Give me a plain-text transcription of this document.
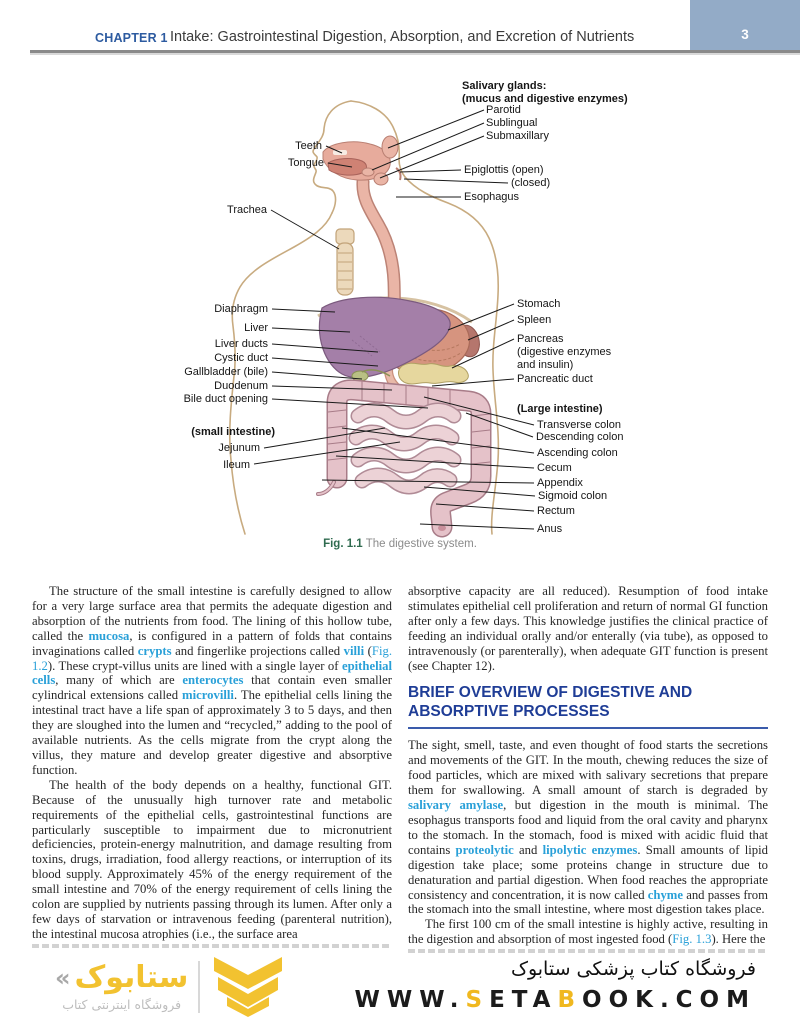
CHAPTER 1 Intake: Gastrointestinal Digestion, Absorption, and Excretion of Nutrients	3
Salivary glands:
(mucus and digestive enzymes)
Parotid
Sublingual
Submaxillary
Teeth
Tongue
Epiglottis (open)
(closed)
Esophagus
Trachea
Diaphragm
Liver
Liver ducts
Cystic duct
Gallbladder (bile)
Duodenum
Bile duct opening
(small intestine)
Jejunum
Ileum
Stomach
Spleen
Pancreas
(digestive enzymes
and insulin)
Pancreatic duct
(Large intestine)
Transverse colon
Descending colon
Ascending colon
Cecum
Appendix
Sigmoid colon
Rectum
Anus
Fig. 1.1 The digestive system.

The structure of the small intestine is carefully designed to allow for a very large surface area that permits the adequate digestion and absorption of the nutrients from food. The lining of this hollow tube, called the mucosa, is configured in a pattern of folds that contains invaginations called crypts and fingerlike projections called villi (Fig. 1.2). These crypt-villus units are lined with a single layer of epithelial cells, many of which are enterocytes that contain even smaller cylindrical extensions called microvilli. The epithelial cells lining the intestinal tract have a life span of approximately 3 to 5 days, and then they are sloughed into the lumen and “recycled,” adding to the pool of available nutrients. As the cells migrate from the crypt along the villus, they mature and develop greater digestive and absorptive function.

The health of the body depends on a healthy, functional GIT. Because of the unusually high turnover rate and metabolic requirements of the epithelial cells, gastrointestinal functions are particularly susceptible to impairment due to micronutrient deficiencies, protein-energy malnutrition, and damage resulting from toxins, drugs, irradiation, food allergy reactions, or interruption of its blood supply. Approximately 45% of the energy requirement of the small intestine and 70% of the energy requirement of cells lining the colon are supplied by nutrients passing through its lumen. After only a few days of starvation or intravenous feeding (parenteral nutrition), the intestinal mucosa atrophies (i.e., the surface area

absorptive capacity are all reduced). Resumption of food intake stimulates epithelial cell proliferation and return of normal GI function after only a few days. This knowledge justifies the clinical practice of feeding an individual orally and/or enterally (via tube), as opposed to intravenously (or parenterally), when adequate GIT function is present (see Chapter 12).

BRIEF OVERVIEW OF DIGESTIVE AND ABSORPTIVE PROCESSES

The sight, smell, taste, and even thought of food starts the secretions and movements of the GIT. In the mouth, chewing reduces the size of food particles, which are mixed with salivary secretions that prepare them for swallowing. A small amount of starch is degraded by salivary amylase, but digestion in the mouth is minimal. The esophagus transports food and liquid from the oral cavity and pharynx to the stomach. In the stomach, food is mixed with acidic fluid that contains proteolytic and lipolytic enzymes. Small amounts of lipid digestion take place; some proteins change in structure due to denaturation and partial digestion. When food reaches the appropriate consistency and concentration, it is now called chyme and passes from the stomach into the small intestine, where most digestion takes place.

The first 100 cm of the small intestine is highly active, resulting in the digestion and absorption of most ingested food (Fig. 1.3). Here the

« ستابوک
فروشگاه اینترنتی کتاب
فروشگاه کتاب پزشکی ستابوک
WWW.SETABOOK.COM
